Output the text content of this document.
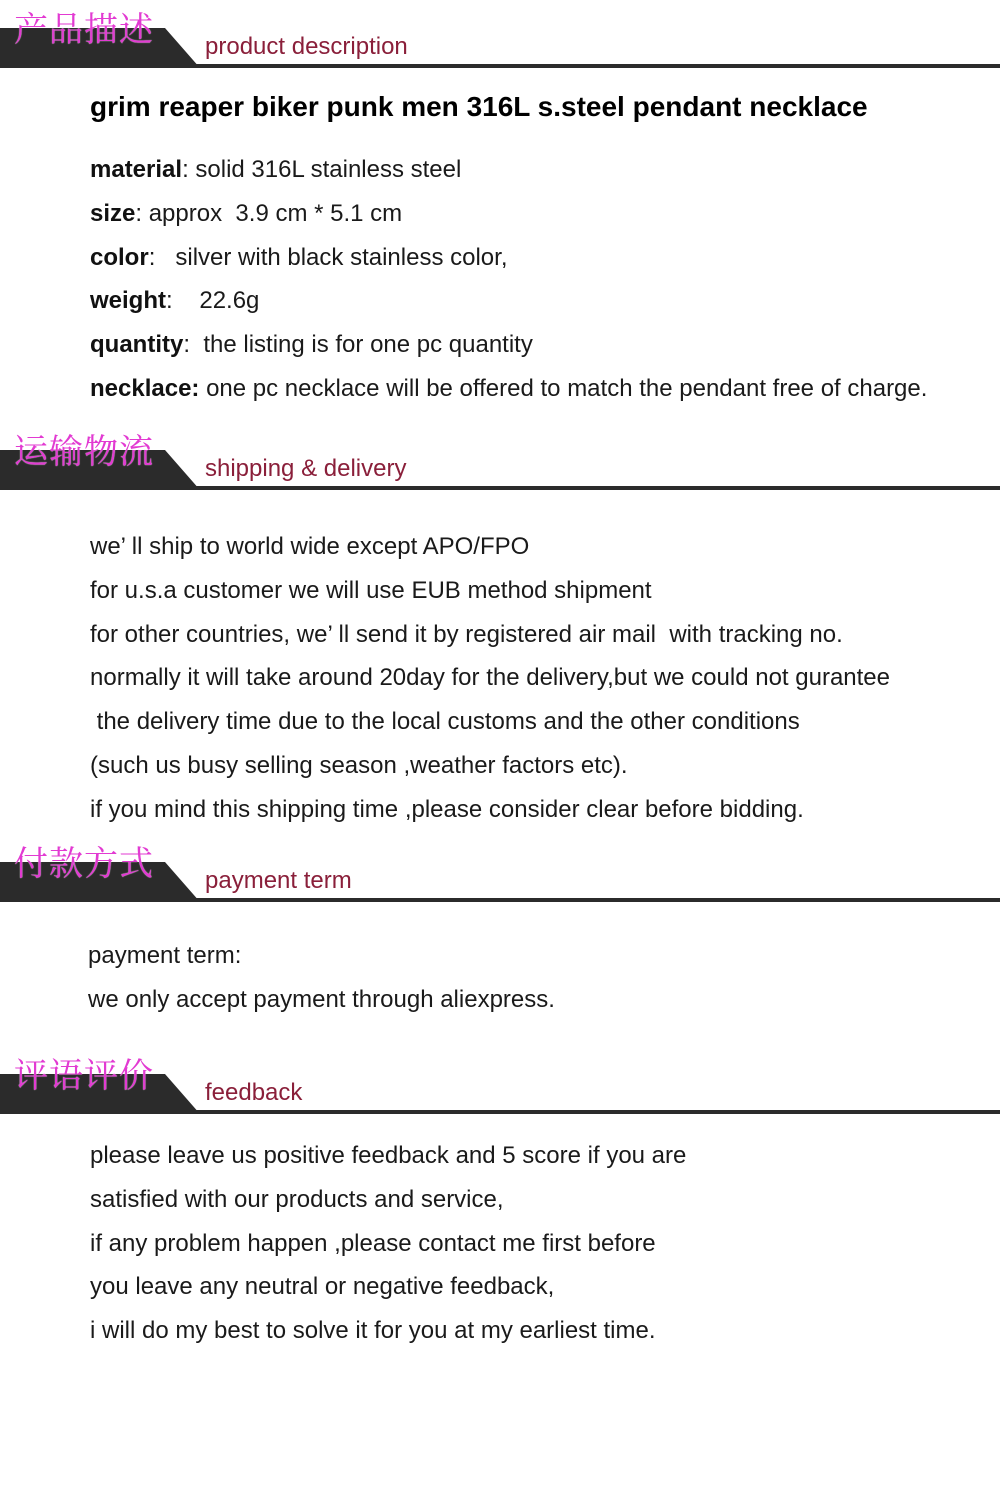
产品描述 product description
grim reaper biker punk men 316L s.steel pendant necklace
material: solid 316L stainless steel
size: approx  3.9 cm * 5.1 cm
color:   silver with black stainless color,
weight:    22.6g
quantity:  the listing is for one pc quantity
necklace: one pc necklace will be offered to match the pendant free of charge.
运输物流 shipping & delivery
we’ ll ship to world wide except APO/FPO
for u.s.a customer we will use EUB method shipment
for other countries, we’ ll send it by registered air mail  with tracking no.
normally it will take around 20day for the delivery,but we could not gurantee
the delivery time due to the local customs and the other conditions
(such us busy selling season ,weather factors etc).
if you mind this shipping time ,please consider clear before bidding.
付款方式 payment term
payment term:
we only accept payment through aliexpress.
评语评价 feedback
please leave us positive feedback and 5 score if you are
satisfied with our products and service,
if any problem happen ,please contact me first before
you leave any neutral or negative feedback,
i will do my best to solve it for you at my earliest time.
